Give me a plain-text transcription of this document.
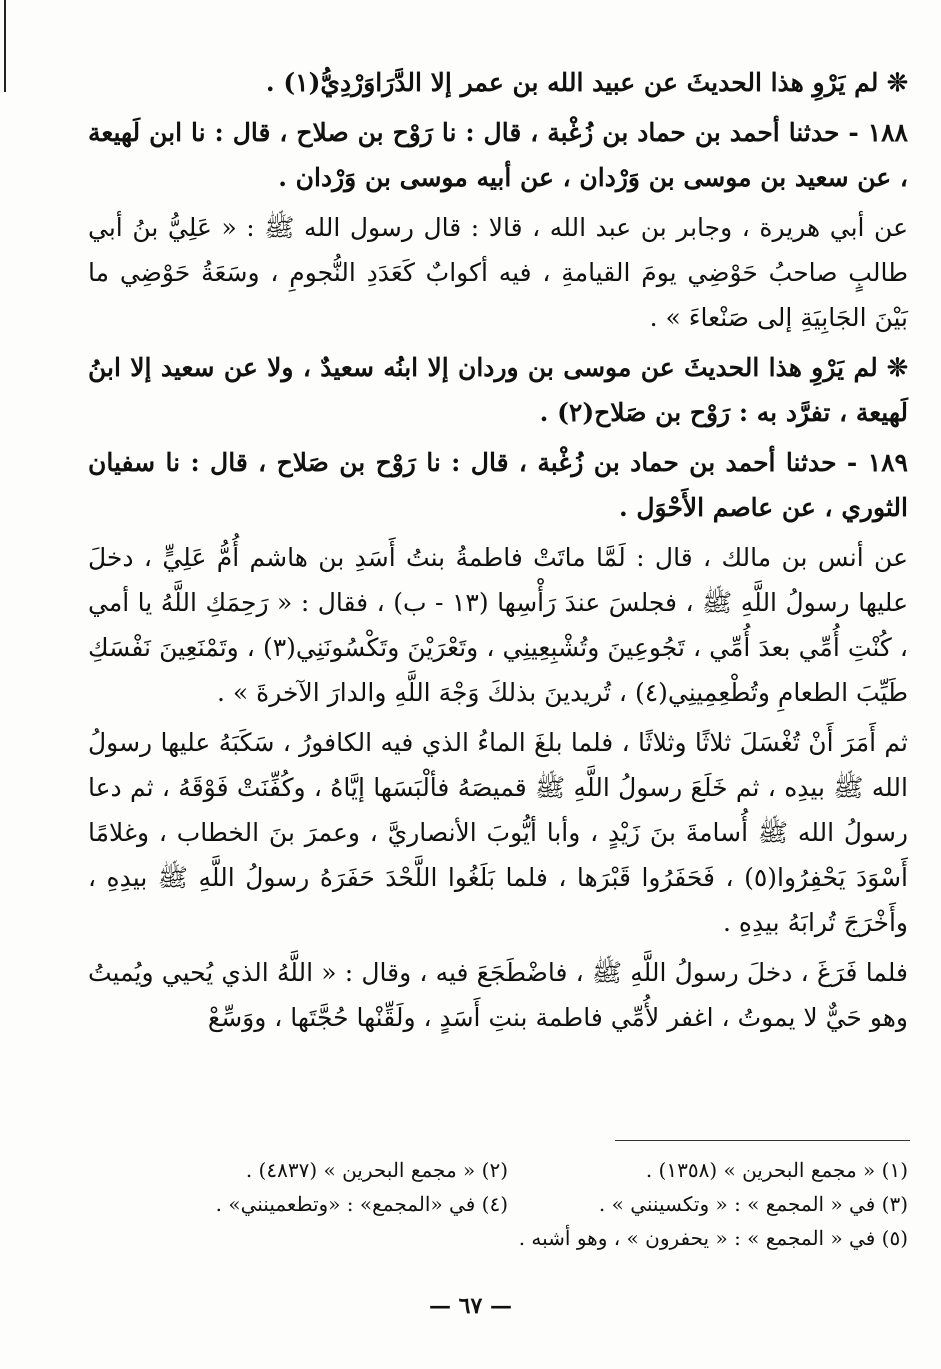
❊ لم يَرْوِ هذا الحديثَ عن عبيد الله بن عمر إلا الدَّرَاوَرْدِيُّ(١) .

١٨٨ - حدثنا أحمد بن حماد بن زُغْبة ، قال : نا رَوْح بن صلاح ، قال : نا ابن لَهيعة ، عن سعيد بن موسى بن وَرْدان ، عن أبيه موسى بن وَرْدان .

عن أبي هريرة ، وجابر بن عبد الله ، قالا : قال رسول الله ﷺ : « عَلِيُّ بنُ أبي طالبٍ صاحبُ حَوْضِي يومَ القيامةِ ، فيه أكوابٌ كَعَدَدِ النُّجومِ ، وسَعَةُ حَوْضِي ما بَيْنَ الجَابِيَةِ إلى صَنْعاءَ » .

❊ لم يَرْوِ هذا الحديثَ عن موسى بن وردان إلا ابنُه سعيدٌ ، ولا عن سعيد إلا ابنُ لَهيعة ، تفرَّد به : رَوْح بن صَلاح(٢) .

١٨٩ - حدثنا أحمد بن حماد بن زُغْبة ، قال : نا رَوْح بن صَلاح ، قال : نا سفيان الثوري ، عن عاصم الأَحْوَل .

عن أنس بن مالك ، قال : لَمَّا ماتَتْ فاطمةُ بنتُ أَسَدِ بن هاشم أُمُّ عَلِيٍّ ، دخلَ عليها رسولُ اللَّهِ ﷺ ، فجلسَ عندَ رَأْسِها (١٣ - ب) ، فقال : « رَحِمَكِ اللَّهُ يا أمي ، كُنْتِ أُمِّي بعدَ أُمِّي ، تَجُوعِينَ وتُشْبِعِينِي ، وتَعْرَيْنَ وتَكْسُونَنِي(٣) ، وتَمْنَعِينَ نَفْسَكِ طَيِّبَ الطعامِ وتُطْعِمِينِي(٤) ، تُريدينَ بذلكَ وَجْهَ اللَّهِ والدارَ الآخرةَ » .

ثم أَمَرَ أَنْ تُغْسَلَ ثلاثًا وثلاثًا ، فلما بلغَ الماءُ الذي فيه الكافورُ ، سَكَبَهُ عليها رسولُ الله ﷺ بيدِه ، ثم خَلَعَ رسولُ اللَّهِ ﷺ قميصَهُ فألْبَسَها إيَّاهُ ، وكُفِّنَتْ فَوْقَهُ ، ثم دعا رسولُ الله ﷺ أُسامةَ بنَ زَيْدٍ ، وأبا أيُّوبَ الأنصاريَّ ، وعمرَ بنَ الخطاب ، وغلامًا أَسْوَدَ يَحْفِرُوا(٥) ، فَحَفَرُوا قَبْرَها ، فلما بَلَغُوا اللَّحْدَ حَفَرَهُ رسولُ اللَّهِ ﷺ بيدِهِ ، وأَخْرَجَ تُرابَهُ بيدِهِ .

فلما فَرَغَ ، دخلَ رسولُ اللَّهِ ﷺ ، فاضْطَجَعَ فيه ، وقال : « اللَّهُ الذي يُحيي ويُميتُ وهو حَيٌّ لا يموتُ ، اغفر لأُمِّي فاطمة بنتِ أَسَدٍ ، ولَقِّنْها حُجَّتَها ، ووَسِّعْ

(١) « مجمع البحرين » (١٣٥٨) .
(٢) « مجمع البحرين » (٤٨٣٧) .
(٣) في « المجمع » : « وتكسينني » .
(٤) في «المجمع» : «وتطعمينني» .
(٥) في « المجمع » : « يحفرون » ، وهو أشبه .
— ٦٧ —
